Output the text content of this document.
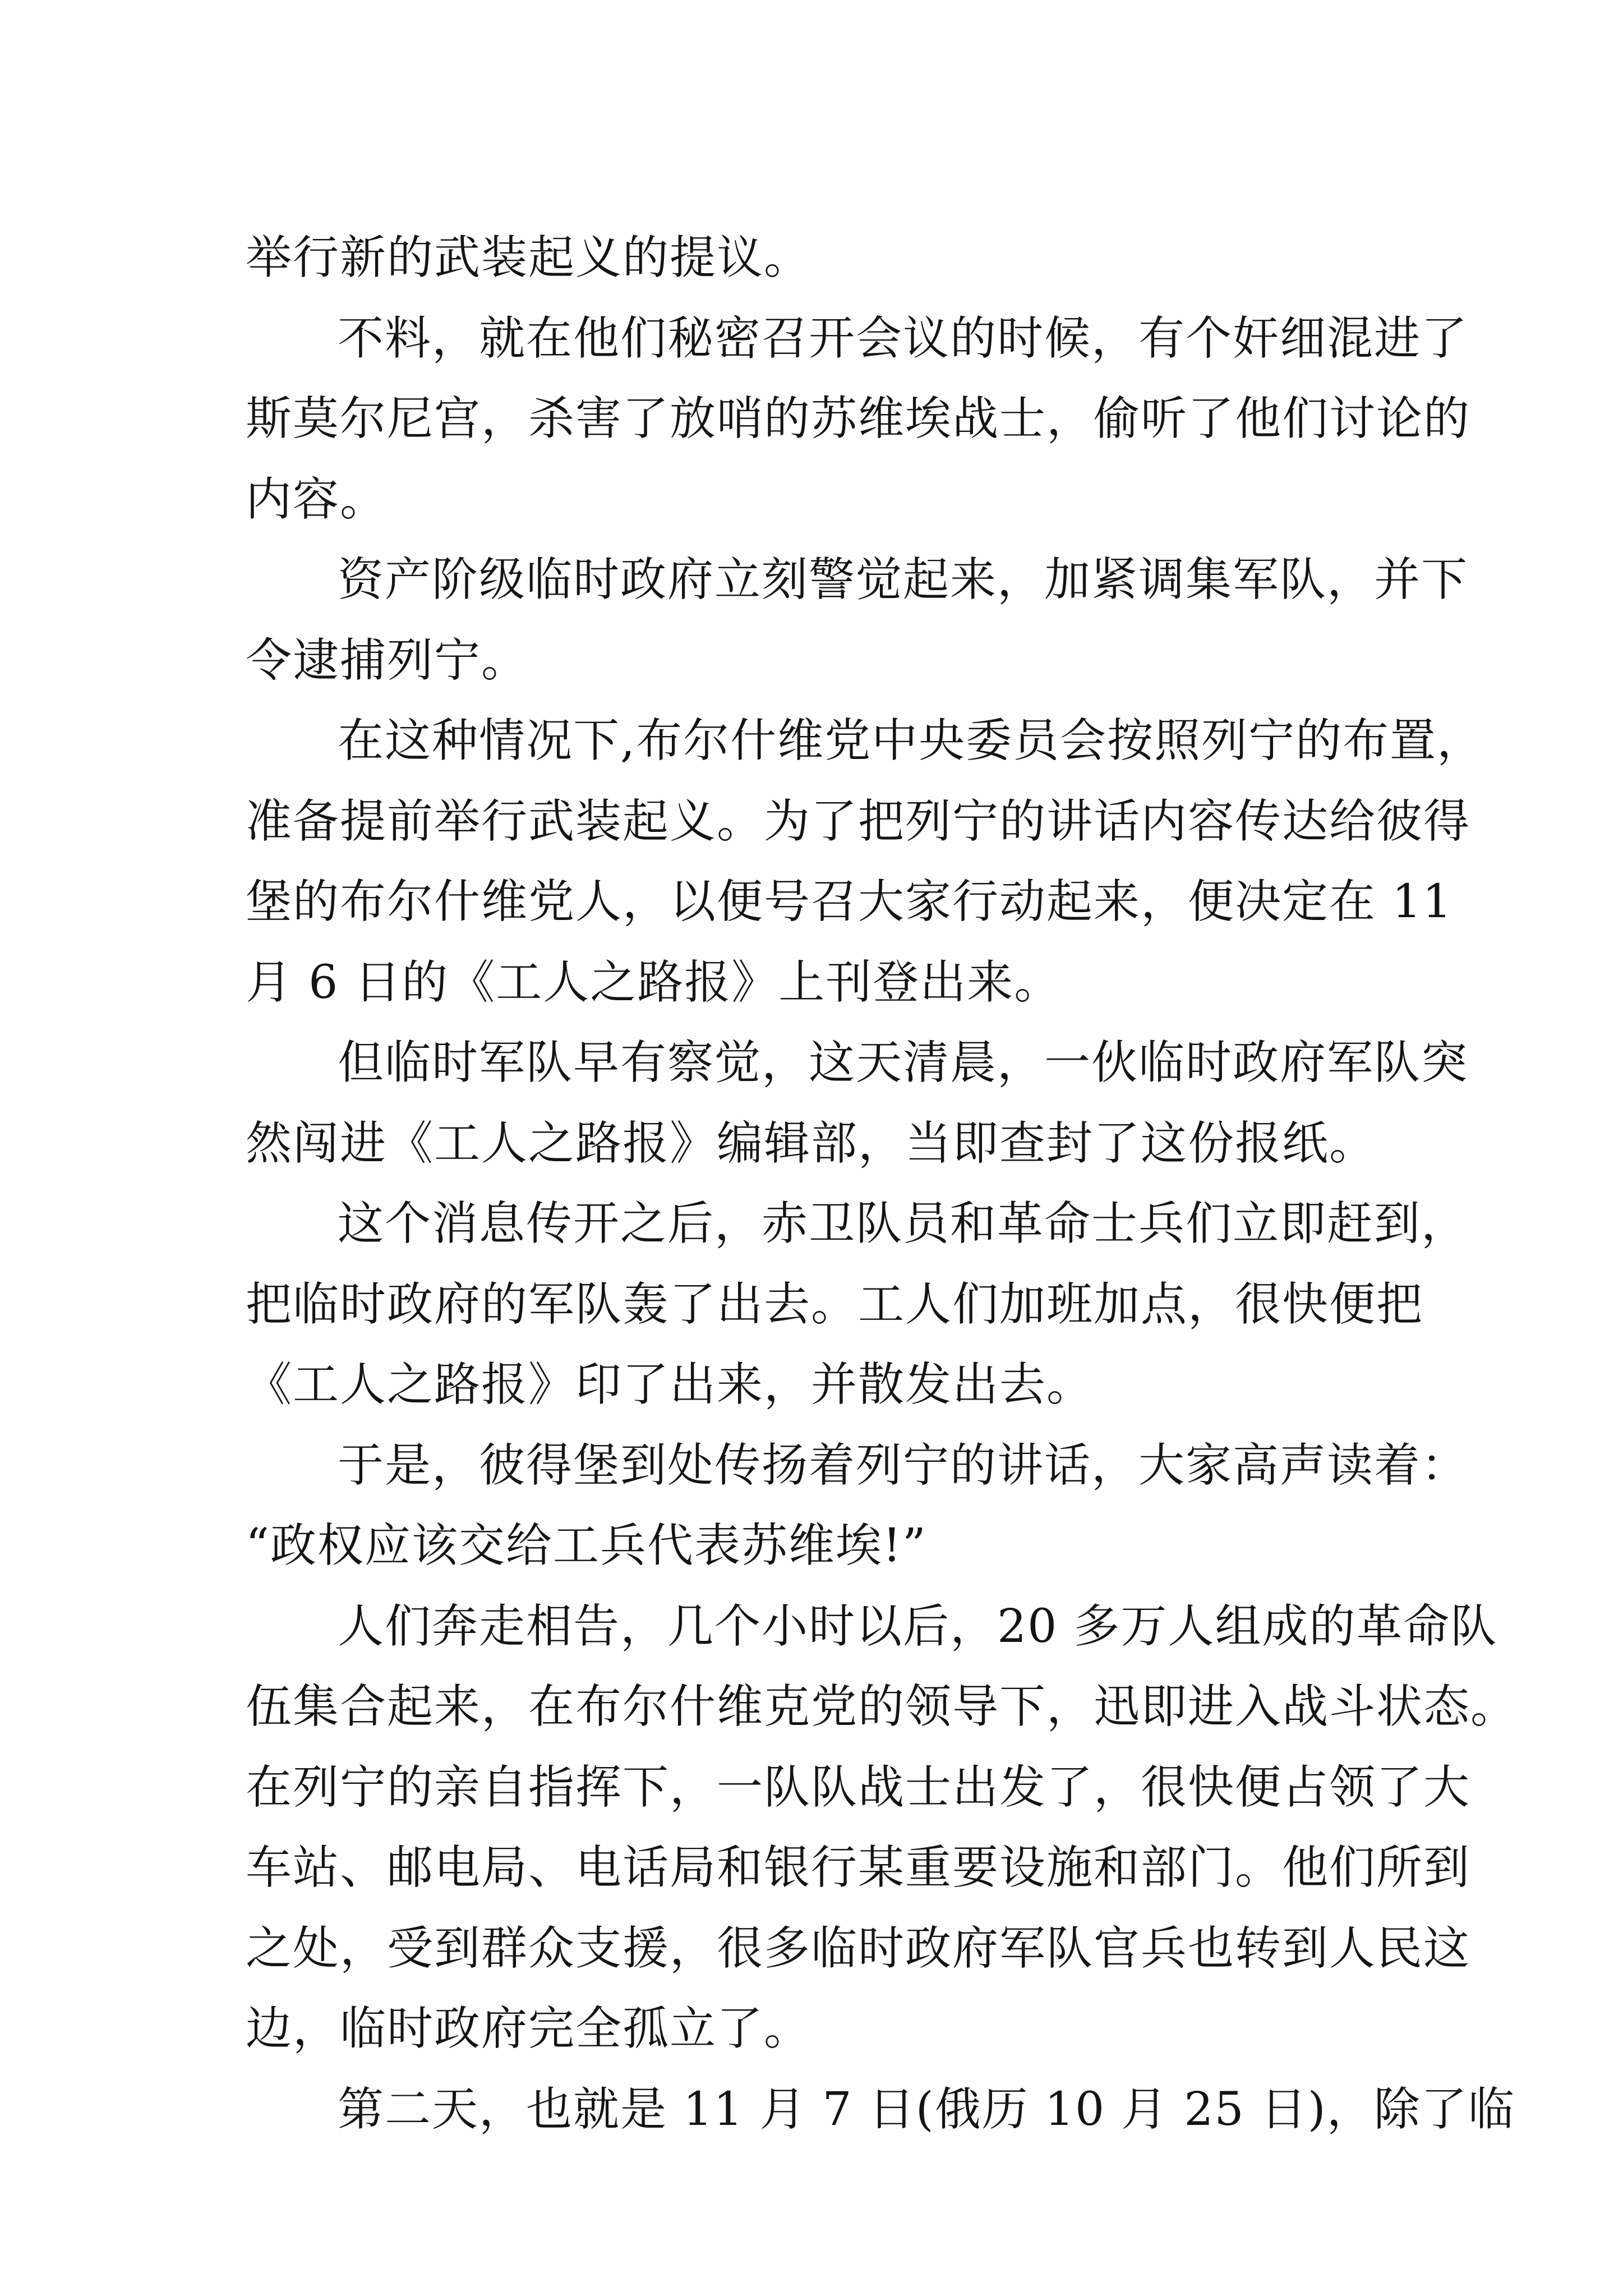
举行新的武装起义的提议。
不料，就在他们秘密召开会议的时候，有个奸细混进了
斯莫尔尼宫，杀害了放哨的苏维埃战士，偷听了他们讨论的
内容。
资产阶级临时政府立刻警觉起来，加紧调集军队，并下
令逮捕列宁。
在这种情况下,布尔什维党中央委员会按照列宁的布置，
准备提前举行武装起义。为了把列宁的讲话内容传达给彼得
堡的布尔什维党人，以便号召大家行动起来，便决定在 11
月 6 日的《工人之路报》上刊登出来。
但临时军队早有察觉，这天清晨，一伙临时政府军队突
然闯进《工人之路报》编辑部，当即查封了这份报纸。
这个消息传开之后，赤卫队员和革命士兵们立即赶到，
把临时政府的军队轰了出去。工人们加班加点，很快便把
《工人之路报》印了出来，并散发出去。
于是，彼得堡到处传扬着列宁的讲话，大家高声读着：
“政权应该交给工兵代表苏维埃!”
人们奔走相告，几个小时以后，20 多万人组成的革命队
伍集合起来，在布尔什维克党的领导下，迅即进入战斗状态。
在列宁的亲自指挥下，一队队战士出发了，很快便占领了大
车站、邮电局、电话局和银行某重要设施和部门。他们所到
之处，受到群众支援，很多临时政府军队官兵也转到人民这
边，临时政府完全孤立了。
第二天，也就是 11 月 7 日(俄历 10 月 25 日)，除了临
